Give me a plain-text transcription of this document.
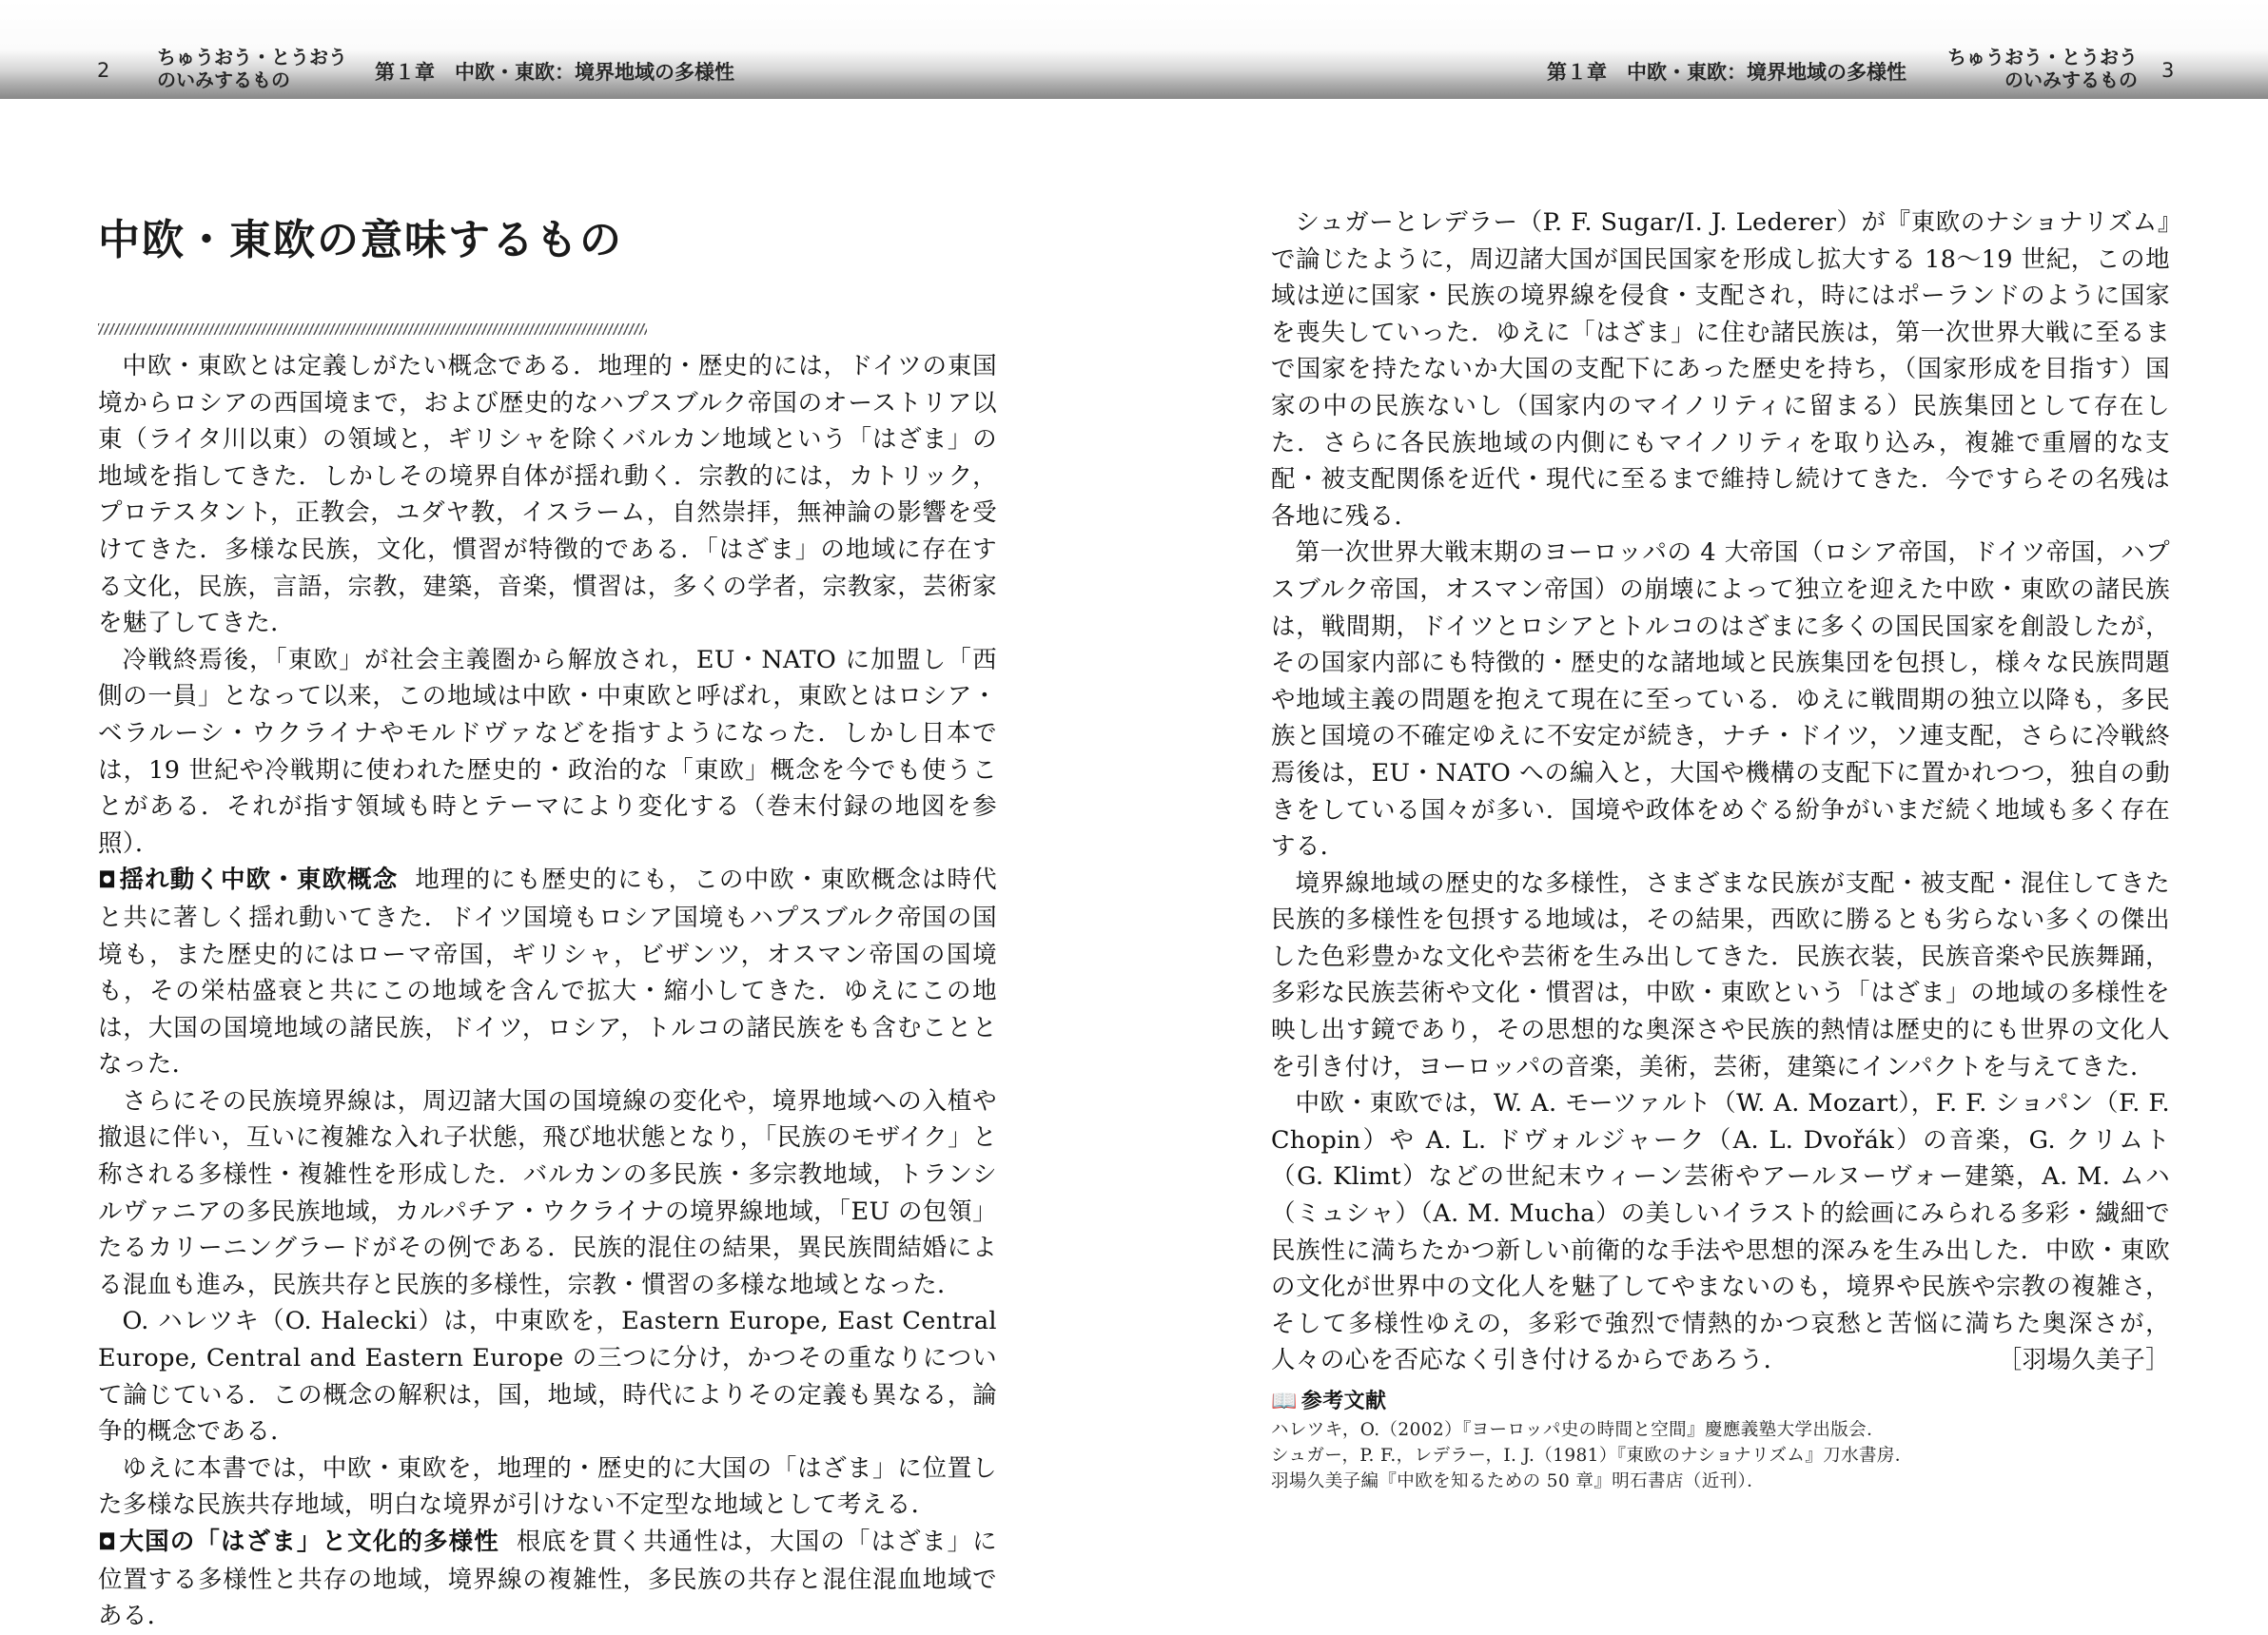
2
ちゅうおう・とうおう
のいみするもの	第１章　中欧・東欧：境界地域の多様性	第１章　中欧・東欧：境界地域の多様性
ちゅうおう・とうおう
のいみするもの 3
中欧・東欧の意味するもの

中欧・東欧とは定義しがたい概念である．地理的・歴史的には，ドイツの東国境からロシアの西国境まで，および歴史的なハプスブルク帝国のオーストリア以東（ライタ川以東）の領域と，ギリシャを除くバルカン地域という「はざま」の地域を指してきた．しかしその境界自体が揺れ動く．宗教的には，カトリック，プロテスタント，正教会，ユダヤ教，イスラーム，自然崇拝，無神論の影響を受けてきた．多様な民族，文化，慣習が特徴的である．「はざま」の地域に存在する文化，民族，言語，宗教，建築，音楽，慣習は，多くの学者，宗教家，芸術家を魅了してきた．

冷戦終焉後，「東欧」が社会主義圏から解放され，EU・NATO に加盟し「西側の一員」となって以来，この地域は中欧・中東欧と呼ばれ，東欧とはロシア・ベラルーシ・ウクライナやモルドヴァなどを指すようになった．しかし日本では，19 世紀や冷戦期に使われた歴史的・政治的な「東欧」概念を今でも使うことがある．それが指す領域も時とテーマにより変化する（巻末付録の地図を参照）．

◘揺れ動く中欧・東欧概念 地理的にも歴史的にも，この中欧・東欧概念は時代と共に著しく揺れ動いてきた．ドイツ国境もロシア国境もハプスブルク帝国の国境も，また歴史的にはローマ帝国，ギリシャ，ビザンツ，オスマン帝国の国境も，その栄枯盛衰と共にこの地域を含んで拡大・縮小してきた．ゆえにこの地は，大国の国境地域の諸民族，ドイツ，ロシア，トルコの諸民族をも含むこととなった．

さらにその民族境界線は，周辺諸大国の国境線の変化や，境界地域への入植や撤退に伴い，互いに複雑な入れ子状態，飛び地状態となり，「民族のモザイク」と称される多様性・複雑性を形成した．バルカンの多民族・多宗教地域，トランシルヴァニアの多民族地域，カルパチア・ウクライナの境界線地域，「EU の包領」たるカリーニングラードがその例である．民族的混住の結果，異民族間結婚による混血も進み，民族共存と民族的多様性，宗教・慣習の多様な地域となった．

O. ハレツキ（O. Halecki）は，中東欧を，Eastern Europe, East Central Europe, Central and Eastern Europe の三つに分け，かつその重なりについて論じている．この概念の解釈は，国，地域，時代によりその定義も異なる，論争的概念である．

ゆえに本書では，中欧・東欧を，地理的・歴史的に大国の「はざま」に位置した多様な民族共存地域，明白な境界が引けない不定型な地域として考える．

◘大国の「はざま」と文化的多様性 根底を貫く共通性は，大国の「はざま」に位置する多様性と共存の地域，境界線の複雑性，多民族の共存と混住混血地域である．

シュガーとレデラー（P. F. Sugar/I. J. Lederer）が『東欧のナショナリズム』で論じたように，周辺諸大国が国民国家を形成し拡大する 18〜19 世紀，この地域は逆に国家・民族の境界線を侵食・支配され，時にはポーランドのように国家を喪失していった．ゆえに「はざま」に住む諸民族は，第一次世界大戦に至るまで国家を持たないか大国の支配下にあった歴史を持ち，（国家形成を目指す）国家の中の民族ないし（国家内のマイノリティに留まる）民族集団として存在した．さらに各民族地域の内側にもマイノリティを取り込み，複雑で重層的な支配・被支配関係を近代・現代に至るまで維持し続けてきた．今ですらその名残は各地に残る．

第一次世界大戦末期のヨーロッパの 4 大帝国（ロシア帝国，ドイツ帝国，ハプスブルク帝国，オスマン帝国）の崩壊によって独立を迎えた中欧・東欧の諸民族は，戦間期，ドイツとロシアとトルコのはざまに多くの国民国家を創設したが，その国家内部にも特徴的・歴史的な諸地域と民族集団を包摂し，様々な民族問題や地域主義の問題を抱えて現在に至っている．ゆえに戦間期の独立以降も，多民族と国境の不確定ゆえに不安定が続き，ナチ・ドイツ，ソ連支配，さらに冷戦終焉後は，EU・NATO への編入と，大国や機構の支配下に置かれつつ，独自の動きをしている国々が多い．国境や政体をめぐる紛争がいまだ続く地域も多く存在する．

境界線地域の歴史的な多様性，さまざまな民族が支配・被支配・混住してきた民族的多様性を包摂する地域は，その結果，西欧に勝るとも劣らない多くの傑出した色彩豊かな文化や芸術を生み出してきた．民族衣装，民族音楽や民族舞踊，多彩な民族芸術や文化・慣習は，中欧・東欧という「はざま」の地域の多様性を映し出す鏡であり，その思想的な奥深さや民族的熱情は歴史的にも世界の文化人を引き付け，ヨーロッパの音楽，美術，芸術，建築にインパクトを与えてきた．

中欧・東欧では，W. A. モーツァルト（W. A. Mozart），F. F. ショパン（F. F. Chopin）や A. L. ドヴォルジャーク（A. L. Dvořák）の音楽，G. クリムト（G. Klimt）などの世紀末ウィーン芸術やアールヌーヴォー建築，A. M. ムハ（ミュシャ）（A. M. Mucha）の美しいイラスト的絵画にみられる多彩・繊細で民族性に満ちたかつ新しい前衛的な手法や思想的深みを生み出した．中欧・東欧の文化が世界中の文化人を魅了してやまないのも，境界や民族や宗教の複雑さ，そして多様性ゆえの，多彩で強烈で情熱的かつ哀愁と苦悩に満ちた奥深さが，人々の心を否応なく引き付けるからであろう．	［羽場久美子］

📖 参考文献
ハレツキ，O.（2002）『ヨーロッパ史の時間と空間』慶應義塾大学出版会．
シュガー，P. F.，レデラー，I. J.（1981）『東欧のナショナリズム』刀水書房．
羽場久美子編『中欧を知るための 50 章』明石書店（近刊）．
